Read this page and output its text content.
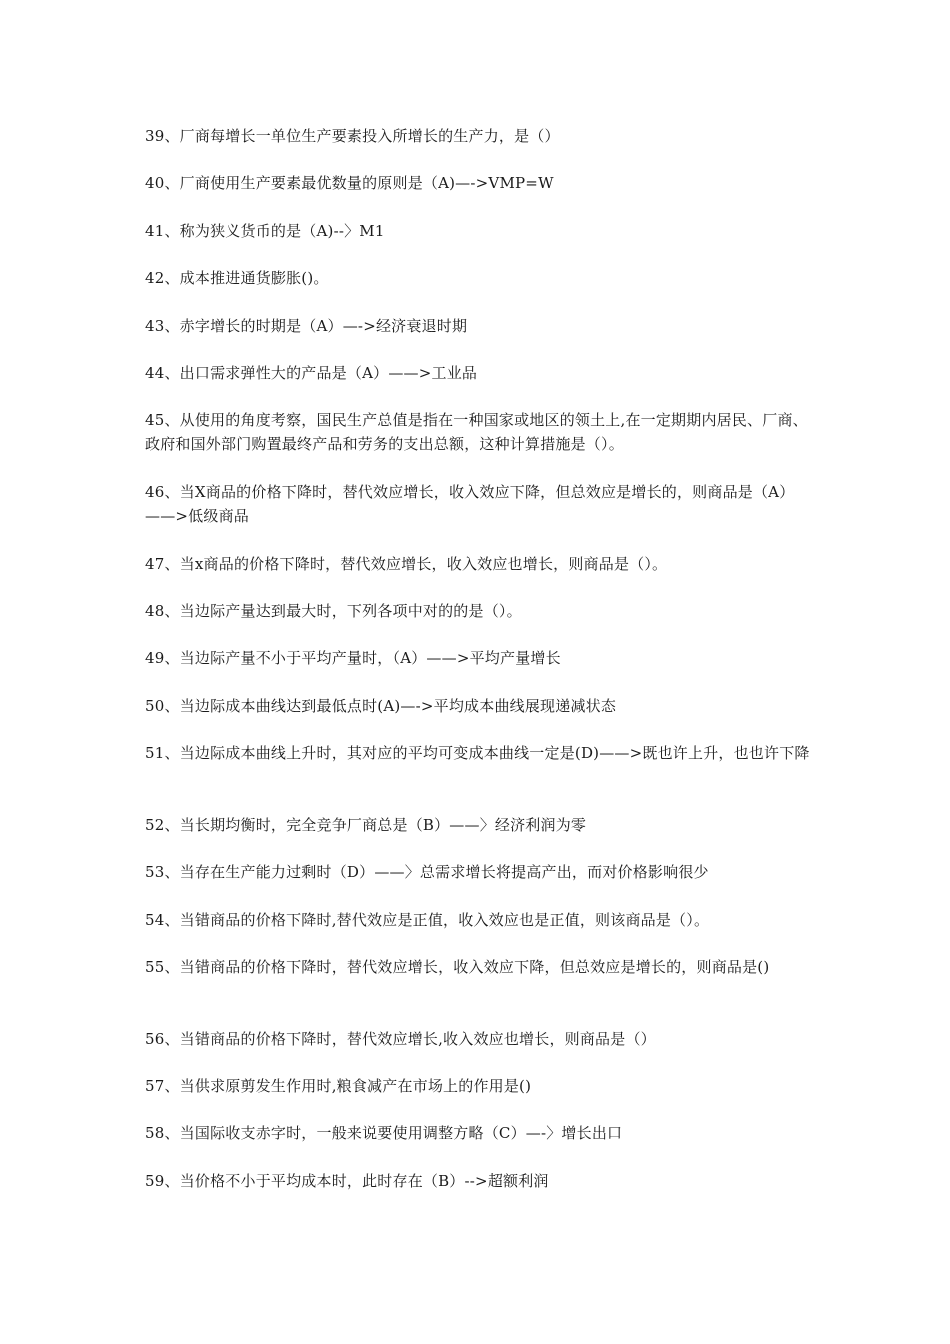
39、厂商每增长一单位生产要素投入所增长的生产力，是（）
40、厂商使用生产要素最优数量的原则是（A)—->VMP=W
41、称为狭义货币的是（A)--〉M1
42、成本推进通货膨胀()。
43、赤字增长的时期是（A）—->经济衰退时期
44、出口需求弹性大的产品是（A）——>工业品
45、从使用的角度考察，国民生产总值是指在一种国家或地区的领土上,在一定期期内居民、厂商、政府和国外部门购置最终产品和劳务的支出总额，这种计算措施是（）。
46、当X商品的价格下降时，替代效应增长，收入效应下降，但总效应是增长的，则商品是（A）——>低级商品
47、当x商品的价格下降时，替代效应增长，收入效应也增长，则商品是（）。
48、当边际产量达到最大时，下列各项中对的的是（）。
49、当边际产量不小于平均产量时，（A）——>平均产量增长
50、当边际成本曲线达到最低点时(A)—->平均成本曲线展现递减状态
51、当边际成本曲线上升时，其对应的平均可变成本曲线一定是(D)——>既也许上升，也也许下降
52、当长期均衡时，完全竞争厂商总是（B）——〉经济利润为零
53、当存在生产能力过剩时（D）——〉总需求增长将提高产出，而对价格影响很少
54、当错商品的价格下降时,替代效应是正值，收入效应也是正值，则该商品是（）。
55、当错商品的价格下降时，替代效应增长，收入效应下降，但总效应是增长的，则商品是()
56、当错商品的价格下降时，替代效应增长,收入效应也增长，则商品是（）
57、当供求原剪发生作用时,粮食减产在市场上的作用是()
58、当国际收支赤字时，一般来说要使用调整方略（C）—-〉增长出口
59、当价格不小于平均成本时，此时存在（B）-->超额利润
